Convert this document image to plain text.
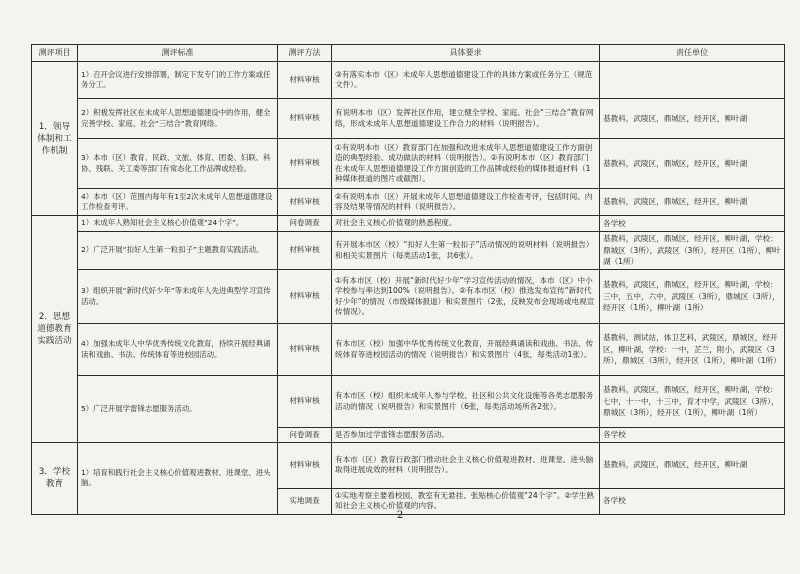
测评项目	测评标准	测评方法	具体要求	责任单位
1．领导体制和工作机制	1）召开会议进行安排部署，制定下发专门的工作方案或任务分工。	材料审核	③有落实本市（区）未成年人思想道德建设工作的具体方案或任务分工（规范文件）。	
	2）积极发挥社区在未成年人思想道德建设中的作用，健全完善学校、家庭、社会“三结合”教育网络。	材料审核	有说明本市（区）发挥社区作用，建立健全学校、家庭、社会“三结合”教育网络，形成未成年人思想道德建设工作合力的材料（说明报告）。	基教科，武陵区，鼎城区，经开区，柳叶湖
	3）本市（区）教育、民政、文旅、体育、团委、妇联、科协、残联、关工委等部门有常态化工作品牌或经验。	材料审核	①有说明本市（区）教育部门在加强和改进未成年人思想道德建设工作方面创造的典型经验、成功做法的材料（说明报告）。②有说明本市（区）教育部门在未成年人思想道德建设工作方面创造的工作品牌或经验的媒体报道材料（1种媒体报道的图片或截图）。	基教科，武陵区，鼎城区，经开区，柳叶湖
	4）本市（区）范围内每年有1至2次未成年人思想道德建设工作检查考评。	材料审核	②有说明本市（区）开展未成年人思想道德建设工作检查考评，包括时间、内容及结果等情况的材料（说明报告）。	基教科，武陵区，鼎城区，经开区，柳叶湖
2．思想道德教育实践活动	1）未成年人熟知社会主义核心价值观“24个字”。	问卷调查	对社会主义核心价值观的熟悉程度。	各学校
	2）广泛开展“扣好人生第一粒扣子”主题教育实践活动。	材料审核	有开展本市区（校）“扣好人生第一粒扣子”活动情况的说明材料（说明报告）和相关实景图片（每类活动1张，共6张）。	基教科，武陵区，鼎城区，经开区，柳叶湖，学校：鼎城区（3所），武陵区（3所），经开区（1所），柳叶湖（1所）
	3）组织开展“新时代好少年”等未成年人先进典型学习宣传活动。	材料审核	①有本市区（校）开展“新时代好少年”学习宣传活动的情况，本市（区）中小学校参与率达到100%（说明报告）。②有本市区（校）推选发布宣传“新时代好少年”的情况（市级媒体报道）和实景图片（2张，反映发布会现场或电视宣传情况）。	基教科，武陵区，鼎城区，经开区，柳叶湖，学校：三中，五中，六中，武陵区（3所），鼎城区（3所），经开区（1所），柳叶湖（1所）
	4）加强未成年人中华优秀传统文化教育，持续开展经典诵读和戏曲、书法、传统体育等进校园活动。	材料审核	有本市区（校）加强中华优秀传统文化教育，开展经典诵读和戏曲、书法、传统体育等进校园活动的情况（说明报告）和实景图片（4张，每类活动1张）。	基教科，测试站，体卫艺科，武陵区，鼎城区，经开区，柳叶湖，学校：一中，芷兰，附小，武陵区（3所），鼎城区（3所），经开区（1所），柳叶湖（1所）
	5）广泛开展学雷锋志愿服务活动。	材料审核	有本市区（校）组织未成年人参与学校、社区和公共文化设施等各类志愿服务活动的情况（说明报告）和实景图片（6张，每类活动场所各2张）。	基教科，武陵区，鼎城区，经开区，柳叶湖，学校：七中，十一中，十三中，育才中学，武陵区（3所），鼎城区（3所），经开区（1所），柳叶湖（1所）
		问卷调查	是否参加过学雷锋志愿服务活动。	各学校
3．学校教育	1）培育和践行社会主义核心价值观进教材、进课堂、进头脑。	材料审核	有本市（区）教育行政部门推动社会主义核心价值观进教材、进课堂、进头脑取得进展成效的材料（说明报告）。	基教科，武陵区，鼎城区，经开区，柳叶湖
		实地调查	①实地考察主要看校园、教室有无悬挂、张贴核心价值观“24个字”。②学生熟知社会主义核心价值观的内容。	各学校
2
